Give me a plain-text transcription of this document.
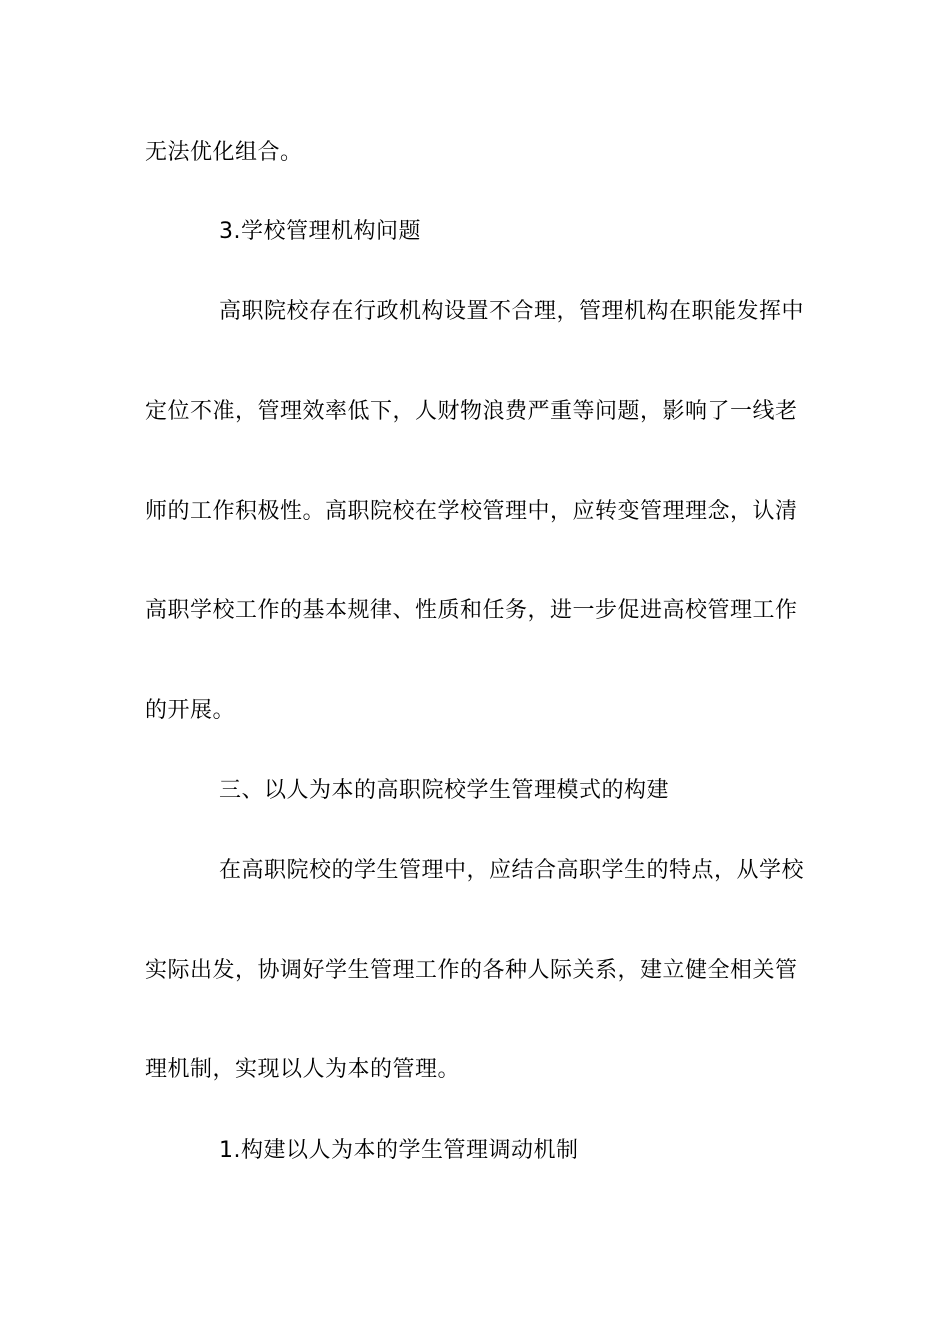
无法优化组合。
3.学校管理机构问题
高职院校存在行政机构设置不合理，管理机构在职能发挥中
定位不准，管理效率低下，人财物浪费严重等问题，影响了一线老
师的工作积极性。高职院校在学校管理中，应转变管理理念，认清
高职学校工作的基本规律、性质和任务，进一步促进高校管理工作
的开展。
三、以人为本的高职院校学生管理模式的构建
在高职院校的学生管理中，应结合高职学生的特点，从学校
实际出发，协调好学生管理工作的各种人际关系，建立健全相关管
理机制，实现以人为本的管理。
1.构建以人为本的学生管理调动机制
